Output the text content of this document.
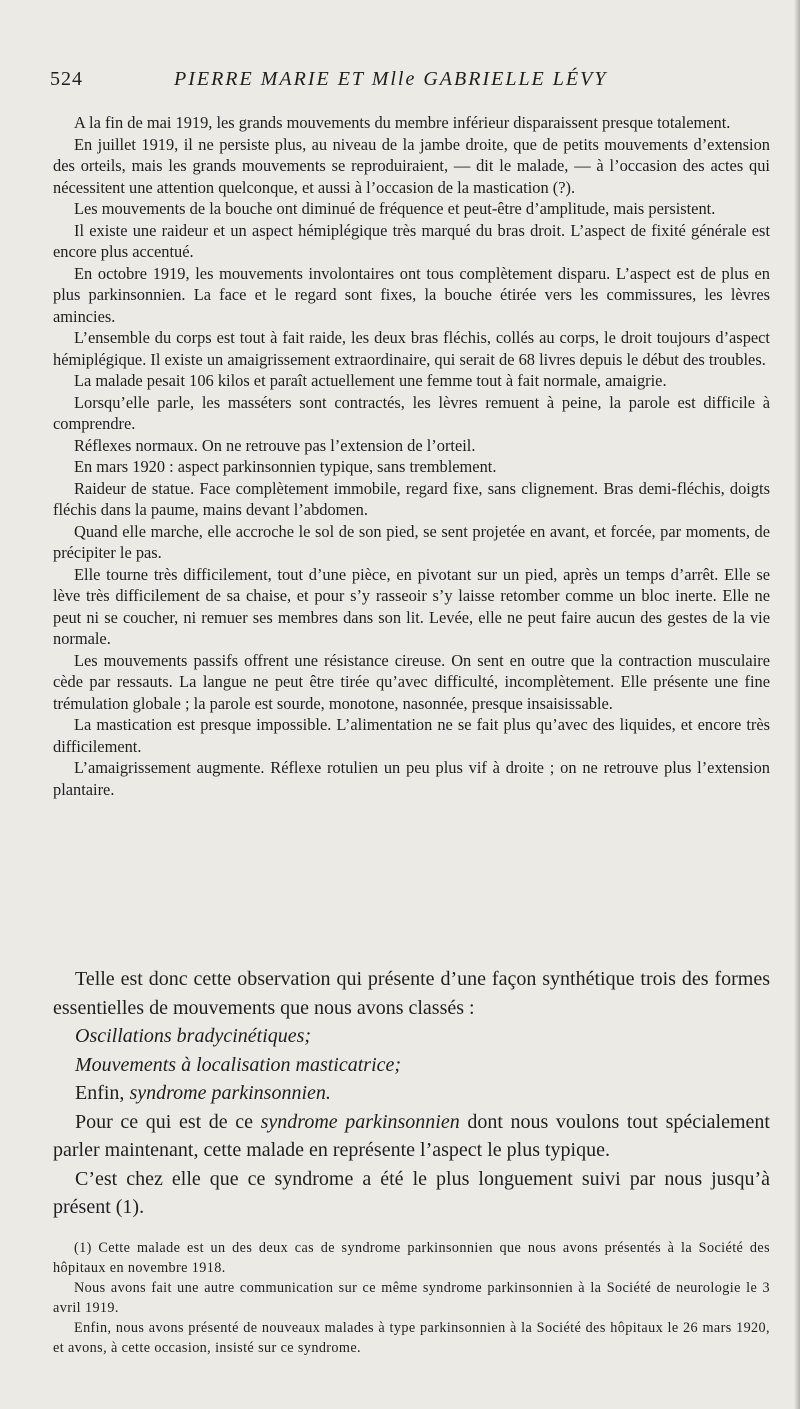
524	PIERRE MARIE ET Mlle GABRIELLE LÉVY

A la fin de mai 1919, les grands mouvements du membre inférieur disparaissent presque totalement.

En juillet 1919, il ne persiste plus, au niveau de la jambe droite, que de petits mouvements d’extension des orteils, mais les grands mouvements se reproduiraient, — dit le malade, — à l’occasion des actes qui nécessitent une attention quelconque, et aussi à l’occasion de la mastication (?).

Les mouvements de la bouche ont diminué de fréquence et peut-être d’amplitude, mais persistent.

Il existe une raideur et un aspect hémiplégique très marqué du bras droit. L’aspect de fixité générale est encore plus accentué.

En octobre 1919, les mouvements involontaires ont tous complètement disparu. L’aspect est de plus en plus parkinsonnien. La face et le regard sont fixes, la bouche étirée vers les commissures, les lèvres amincies.

L’ensemble du corps est tout à fait raide, les deux bras fléchis, collés au corps, le droit toujours d’aspect hémiplégique. Il existe un amaigrissement extraordinaire, qui serait de 68 livres depuis le début des troubles.

La malade pesait 106 kilos et paraît actuellement une femme tout à fait normale, amaigrie.

Lorsqu’elle parle, les masséters sont contractés, les lèvres remuent à peine, la parole est difficile à comprendre.

Réflexes normaux. On ne retrouve pas l’extension de l’orteil.

En mars 1920 : aspect parkinsonnien typique, sans tremblement.

Raideur de statue. Face complètement immobile, regard fixe, sans clignement. Bras demi-fléchis, doigts fléchis dans la paume, mains devant l’abdomen.

Quand elle marche, elle accroche le sol de son pied, se sent projetée en avant, et forcée, par moments, de précipiter le pas.

Elle tourne très difficilement, tout d’une pièce, en pivotant sur un pied, après un temps d’arrêt. Elle se lève très difficilement de sa chaise, et pour s’y rasseoir s’y laisse retomber comme un bloc inerte. Elle ne peut ni se coucher, ni remuer ses membres dans son lit. Levée, elle ne peut faire aucun des gestes de la vie normale.

Les mouvements passifs offrent une résistance cireuse. On sent en outre que la contraction musculaire cède par ressauts. La langue ne peut être tirée qu’avec difficulté, incomplètement. Elle présente une fine trémulation globale ; la parole est sourde, monotone, nasonnée, presque insaisissable.

La mastication est presque impossible. L’alimentation ne se fait plus qu’avec des liquides, et encore très difficilement.

L’amaigrissement augmente. Réflexe rotulien un peu plus vif à droite ; on ne retrouve plus l’extension plantaire.

Telle est donc cette observation qui présente d’une façon synthétique trois des formes essentielles de mouvements que nous avons classés :

Oscillations bradycinétiques;

Mouvements à localisation masticatrice;

Enfin, syndrome parkinsonnien.

Pour ce qui est de ce syndrome parkinsonnien dont nous voulons tout spécialement parler maintenant, cette malade en représente l’aspect le plus typique.

C’est chez elle que ce syndrome a été le plus longuement suivi par nous jusqu’à présent (1).

(1) Cette malade est un des deux cas de syndrome parkinsonnien que nous avons présentés à la Société des hôpitaux en novembre 1918.

Nous avons fait une autre communication sur ce même syndrome parkinsonnien à la Société de neurologie le 3 avril 1919.

Enfin, nous avons présenté de nouveaux malades à type parkinsonnien à la Société des hôpitaux le 26 mars 1920, et avons, à cette occasion, insisté sur ce syndrome.
